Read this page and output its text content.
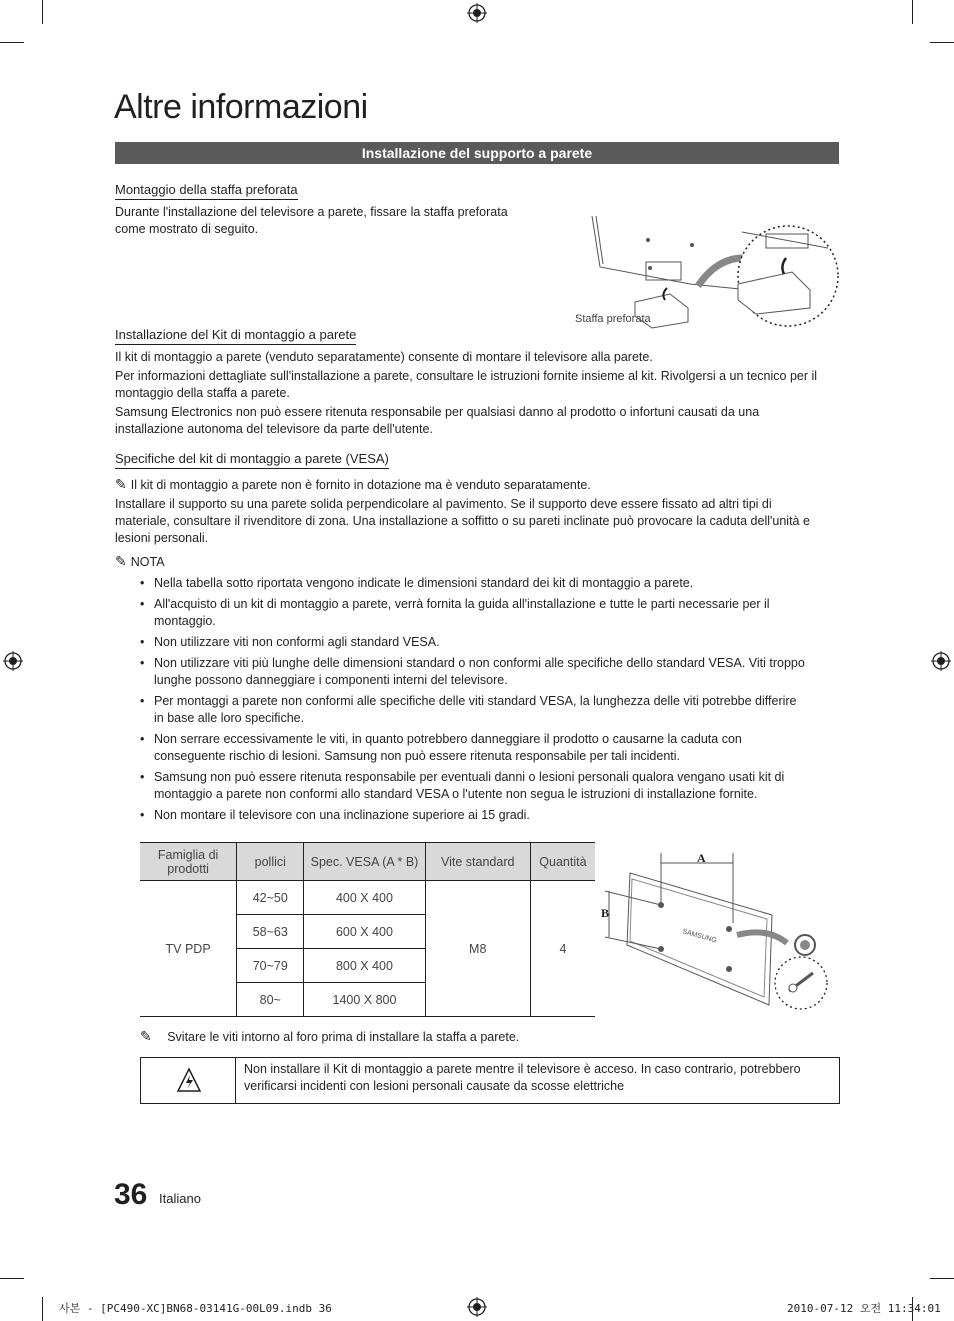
Altre informazioni
Installazione del supporto a parete
Montaggio della staffa preforata
Durante l'installazione del televisore a parete, fissare la staffa preforata
come mostrato di seguito.
Staffa preforata
Installazione del Kit di montaggio a parete
Il kit di montaggio a parete (venduto separatamente) consente di montare il televisore alla parete.
Per informazioni dettagliate sull'installazione a parete, consultare le istruzioni fornite insieme al kit. Rivolgersi a un tecnico per il
montaggio della staffa a parete.
Samsung Electronics non può essere ritenuta responsabile per qualsiasi danno al prodotto o infortuni causati da una
installazione autonoma del televisore da parte dell'utente.
Specifiche del kit di montaggio a parete (VESA)
✎ Il kit di montaggio a parete non è fornito in dotazione ma è venduto separatamente.
Installare il supporto su una parete solida perpendicolare al pavimento. Se il supporto deve essere fissato ad altri tipi di
materiale, consultare il rivenditore di zona. Una installazione a soffitto o su pareti inclinate può provocare la caduta dell'unità e
lesioni personali.
✎ NOTA
• Nella tabella sotto riportata vengono indicate le dimensioni standard dei kit di montaggio a parete.
• All'acquisto di un kit di montaggio a parete, verrà fornita la guida all'installazione e tutte le parti necessarie per il
montaggio.
• Non utilizzare viti non conformi agli standard VESA.
• Non utilizzare viti più lunghe delle dimensioni standard o non conformi alle specifiche dello standard VESA. Viti troppo
lunghe possono danneggiare i componenti interni del televisore.
• Per montaggi a parete non conformi alle specifiche delle viti standard VESA, la lunghezza delle viti potrebbe differire
in base alle loro specifiche.
• Non serrare eccessivamente le viti, in quanto potrebbero danneggiare il prodotto o causarne la caduta con
conseguente rischio di lesioni. Samsung non può essere ritenuta responsabile per tali incidenti.
• Samsung non può essere ritenuta responsabile per eventuali danni o lesioni personali qualora vengano usati kit di
montaggio a parete non conformi allo standard VESA o l'utente non segua le istruzioni di installazione fornite.
• Non montare il televisore con una inclinazione superiore ai 15 gradi.
Famiglia di prodotti	pollici	Spec. VESA (A * B)	Vite standard	Quantità
TV PDP	42~50	400 X 400	M8	4
	58~63	600 X 400		
	70~79	800 X 400		
	80~	1400 X 800		
SAMSUNG
A
B
✎ Svitare le viti intorno al foro prima di installare la staffa a parete.
Non installare il Kit di montaggio a parete mentre il televisore è acceso. In caso contrario, potrebbero
verificarsi incidenti con lesioni personali causate da scosse elettriche
36 Italiano
사본 - [PC490-XC]BN68-03141G-00L09.indb 36	2010-07-12 오전 11:34:01
